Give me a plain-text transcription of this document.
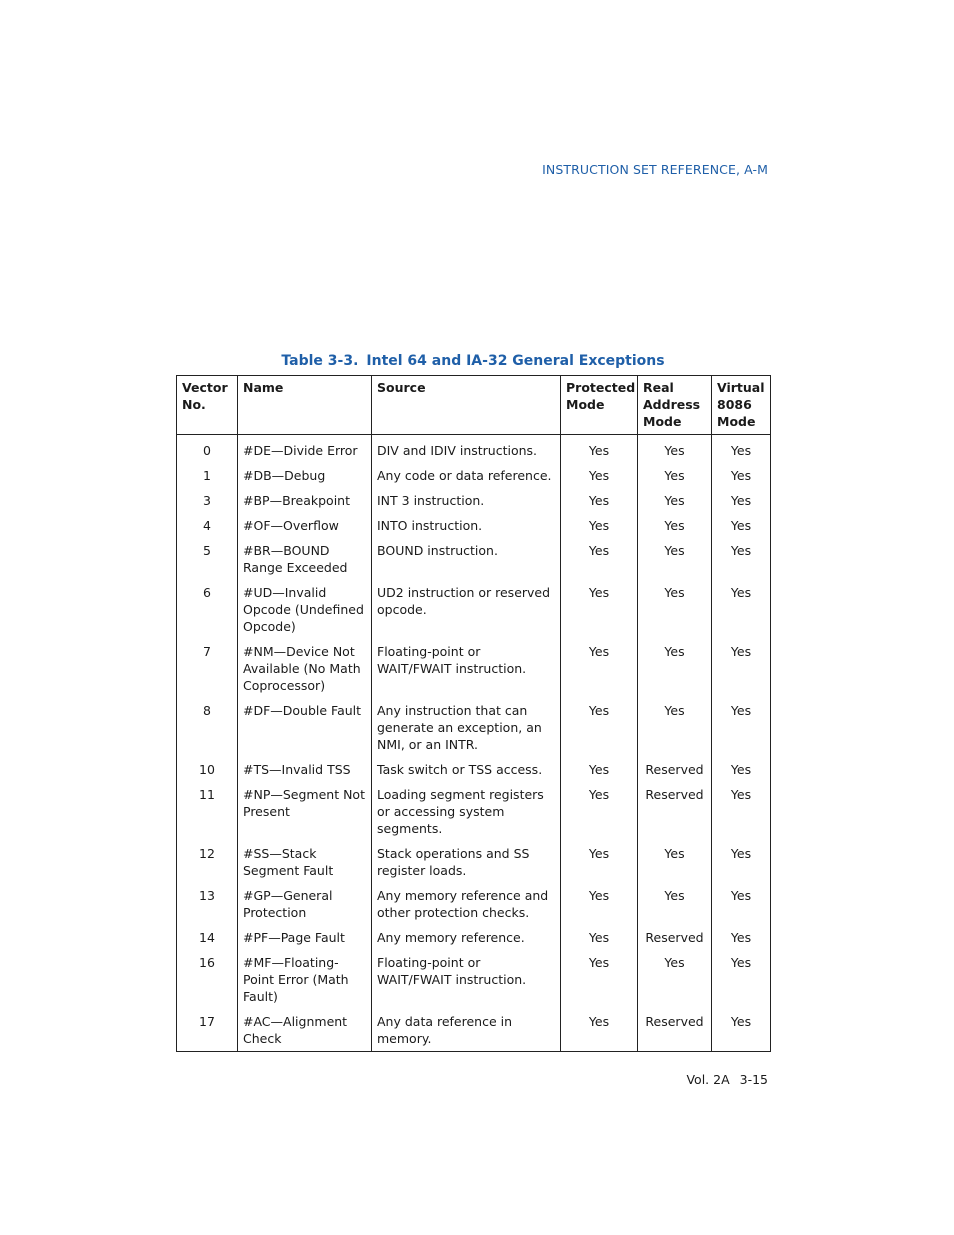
INSTRUCTION SET REFERENCE, A-M
Table 3-3. Intel 64 and IA-32 General Exceptions
Vector No.	Name	Source	Protected Mode	Real Address Mode	Virtual 8086 Mode
0	#DE—Divide Error	DIV and IDIV instructions.	Yes	Yes	Yes
1	#DB—Debug	Any code or data reference.	Yes	Yes	Yes
3	#BP—Breakpoint	INT 3 instruction.	Yes	Yes	Yes
4	#OF—Overflow	INTO instruction.	Yes	Yes	Yes
5	#BR—BOUND Range Exceeded	BOUND instruction.	Yes	Yes	Yes
6	#UD—Invalid Opcode (Undefined Opcode)	UD2 instruction or reserved opcode.	Yes	Yes	Yes
7	#NM—Device Not Available (No Math Coprocessor)	Floating-point or WAIT/FWAIT instruction.	Yes	Yes	Yes
8	#DF—Double Fault	Any instruction that can generate an exception, an NMI, or an INTR.	Yes	Yes	Yes
10	#TS—Invalid TSS	Task switch or TSS access.	Yes	Reserved	Yes
11	#NP—Segment Not Present	Loading segment registers or accessing system segments.	Yes	Reserved	Yes
12	#SS—Stack Segment Fault	Stack operations and SS register loads.	Yes	Yes	Yes
13	#GP—General Protection	Any memory reference and other protection checks.	Yes	Yes	Yes
14	#PF—Page Fault	Any memory reference.	Yes	Reserved	Yes
16	#MF—Floating-Point Error (Math Fault)	Floating-point or WAIT/FWAIT instruction.	Yes	Yes	Yes
17	#AC—Alignment Check	Any data reference in memory.	Yes	Reserved	Yes
Vol. 2A 3-15
